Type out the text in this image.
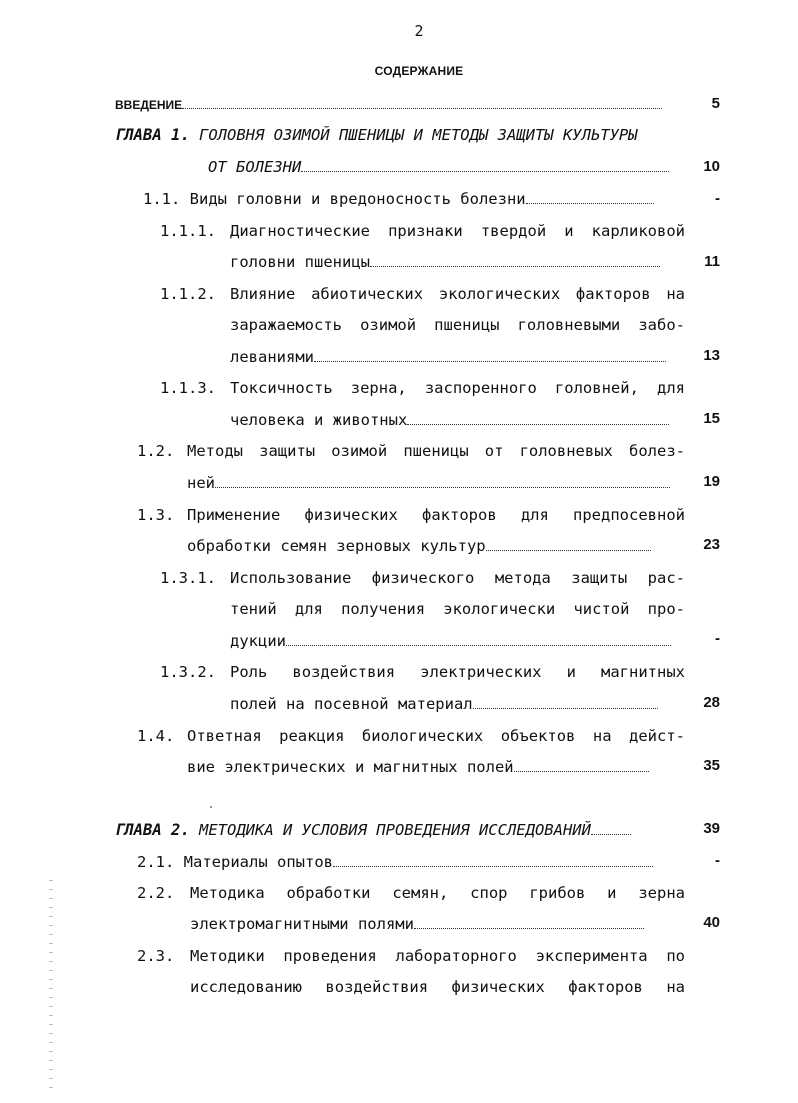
2
СОДЕРЖАНИЕ
ВВЕДЕНИЕ	5
ГЛАВА 1. ГОЛОВНЯ ОЗИМОЙ ПШЕНИЦЫ И МЕТОДЫ ЗАЩИТЫ КУЛЬТУРЫ
ОТ БОЛЕЗНИ	10
1.1. Виды головни и вредоносность болезни	-
1.1.1. Диагностические признаки твердой и карликовой
головни пшеницы	11
1.1.2. Влияние абиотических экологических факторов на
заражаемость озимой пшеницы головневыми забо-
леваниями	13
1.1.3. Токсичность зерна, заспоренного головней, для
человека и животных	15
1.2. Методы защиты озимой пшеницы от головневых болез-
ней	19
1.3. Применение физических факторов для предпосевной
обработки семян зерновых культур	23
1.3.1. Использование физического метода защиты рас-
тений для получения экологически чистой про-
дукции	-
1.3.2. Роль воздействия электрических и магнитных
полей на посевной материал	28
1.4. Ответная реакция биологических объектов на дейст-
вие электрических и магнитных полей	35
ГЛАВА 2. МЕТОДИКА И УСЛОВИЯ ПРОВЕДЕНИЯ ИССЛЕДОВАНИЙ	39
2.1. Материалы опытов	-
2.2. Методика обработки семян, спор грибов и зерна
электромагнитными полями	40
2.3. Методики проведения лабораторного эксперимента по
исследованию воздействия физических факторов на
